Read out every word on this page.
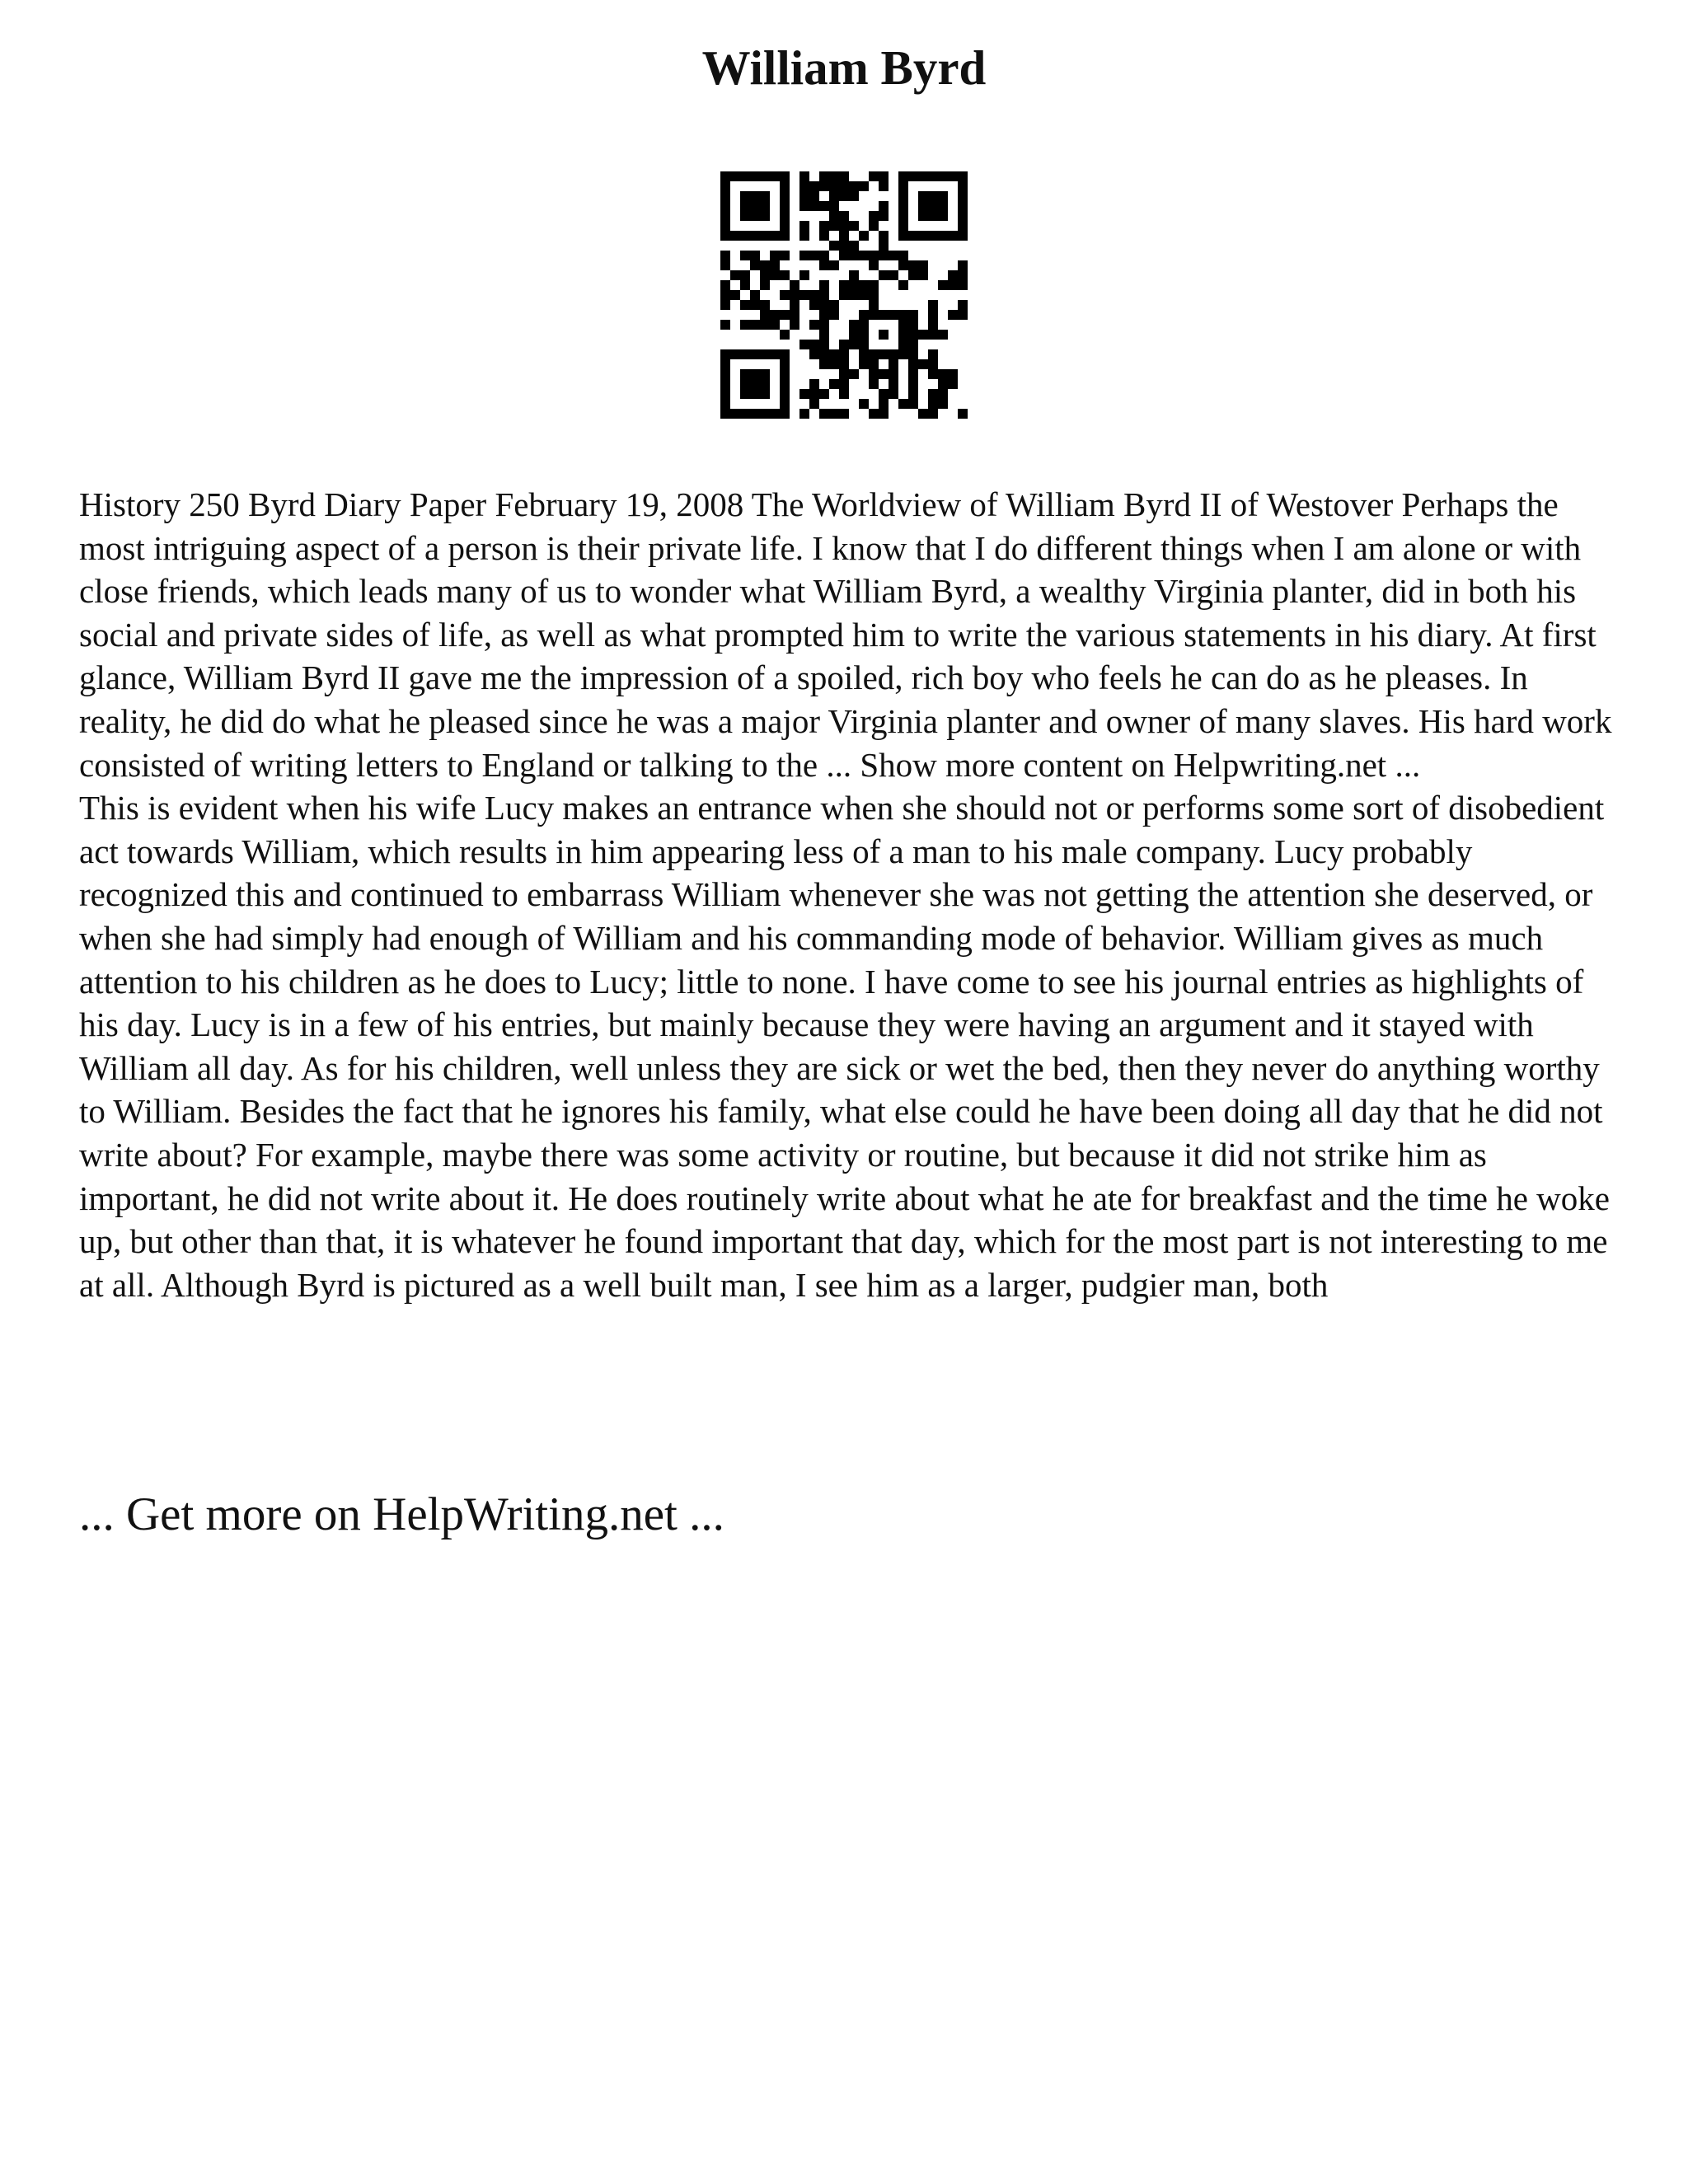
William Byrd

History 250 Byrd Diary Paper February 19, 2008 The Worldview of William Byrd II of Westover Perhaps the most intriguing aspect of a person is their private life. I know that I do different things when I am alone or with close friends, which leads many of us to wonder what William Byrd, a wealthy Virginia planter, did in both his social and private sides of life, as well as what prompted him to write the various statements in his diary. At first glance, William Byrd II gave me the impression of a spoiled, rich boy who feels he can do as he pleases. In reality, he did do what he pleased since he was a major Virginia planter and owner of many slaves. His hard work consisted of writing letters to England or talking to the ... Show more content on Helpwriting.net ...

This is evident when his wife Lucy makes an entrance when she should not or performs some sort of disobedient act towards William, which results in him appearing less of a man to his male company. Lucy probably recognized this and continued to embarrass William whenever she was not getting the attention she deserved, or when she had simply had enough of William and his commanding mode of behavior. William gives as much attention to his children as he does to Lucy; little to none. I have come to see his journal entries as highlights of his day. Lucy is in a few of his entries, but mainly because they were having an argument and it stayed with William all day. As for his children, well unless they are sick or wet the bed, then they never do anything worthy to William. Besides the fact that he ignores his family, what else could he have been doing all day that he did not write about? For example, maybe there was some activity or routine, but because it did not strike him as important, he did not write about it. He does routinely write about what he ate for breakfast and the time he woke up, but other than that, it is whatever he found important that day, which for the most part is not interesting to me at all. Although Byrd is pictured as a well built man, I see him as a larger, pudgier man, both

... Get more on HelpWriting.net ...
